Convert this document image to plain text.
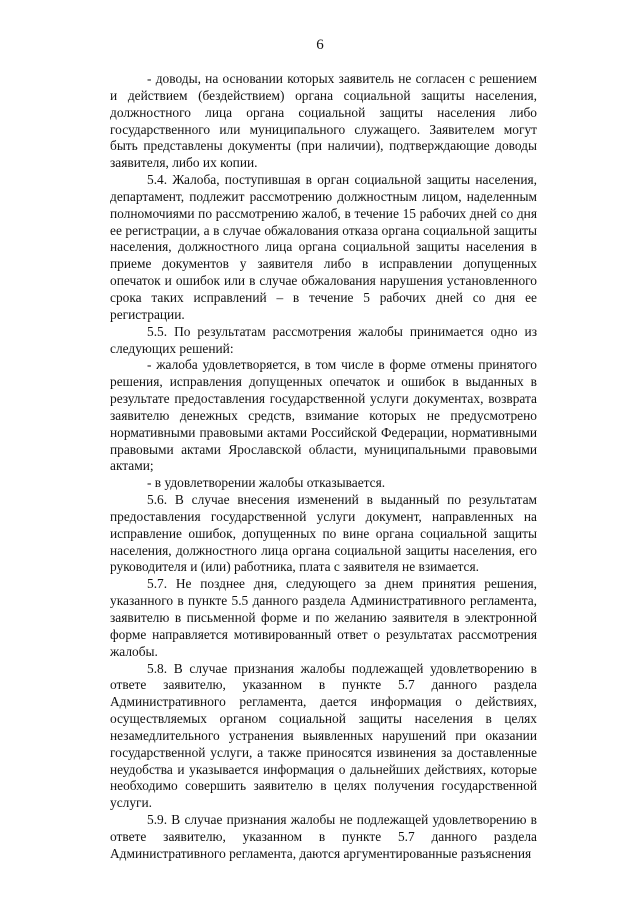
6

- доводы, на основании которых заявитель не согласен с решением и действием (бездействием) органа социальной защиты населения, должностного лица органа социальной защиты населения либо государственного или муниципального служащего. Заявителем могут быть представлены документы (при наличии), подтверждающие доводы заявителя, либо их копии.

5.4. Жалоба, поступившая в орган социальной защиты населения, департамент, подлежит рассмотрению должностным лицом, наделенным полномочиями по рассмотрению жалоб, в течение 15 рабочих дней со дня ее регистрации, а в случае обжалования отказа органа социальной защиты населения, должностного лица органа социальной защиты населения в приеме документов у заявителя либо в исправлении допущенных опечаток и ошибок или в случае обжалования нарушения установленного срока таких исправлений – в течение 5 рабочих дней со дня ее регистрации.

5.5. По результатам рассмотрения жалобы принимается одно из следующих решений:

- жалоба удовлетворяется, в том числе в форме отмены принятого решения, исправления допущенных опечаток и ошибок в выданных в результате предоставления государственной услуги документах, возврата заявителю денежных средств, взимание которых не предусмотрено нормативными правовыми актами Российской Федерации, нормативными правовыми актами Ярославской области, муниципальными правовыми актами;

- в удовлетворении жалобы отказывается.

5.6. В случае внесения изменений в выданный по результатам предоставления государственной услуги документ, направленных на исправление ошибок, допущенных по вине органа социальной защиты населения, должностного лица органа социальной защиты населения, его руководителя и (или) работника, плата с заявителя не взимается.

5.7. Не позднее дня, следующего за днем принятия решения, указанного в пункте 5.5 данного раздела Административного регламента, заявителю в письменной форме и по желанию заявителя в электронной форме направляется мотивированный ответ о результатах рассмотрения жалобы.

5.8. В случае признания жалобы подлежащей удовлетворению в ответе заявителю, указанном в пункте 5.7 данного раздела Административного регламента, дается информация о действиях, осуществляемых органом социальной защиты населения в целях незамедлительного устранения выявленных нарушений при оказании государственной услуги, а также приносятся извинения за доставленные неудобства и указывается информация о дальнейших действиях, которые необходимо совершить заявителю в целях получения государственной услуги.

5.9. В случае признания жалобы не подлежащей удовлетворению в ответе заявителю, указанном в пункте 5.7 данного раздела Административного регламента, даются аргументированные разъяснения
